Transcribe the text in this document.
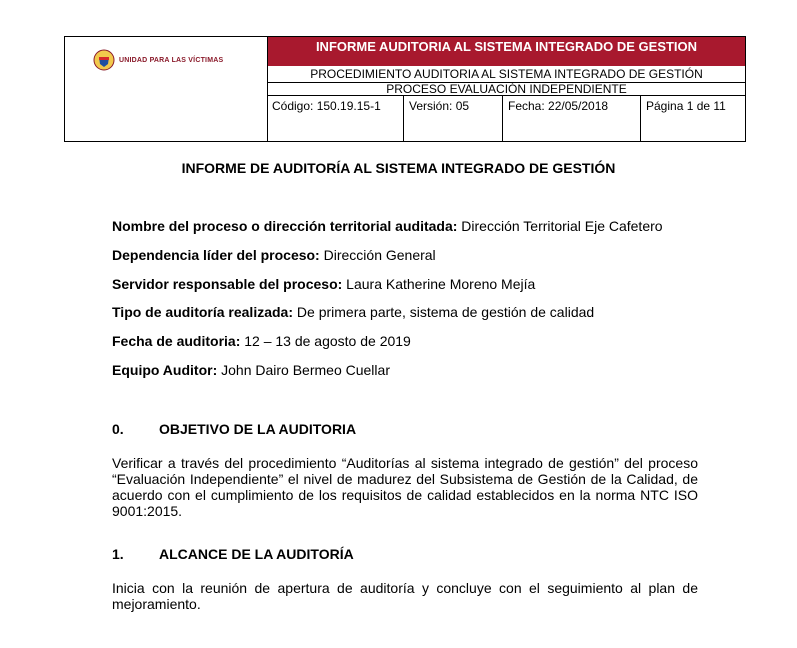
UNIDAD PARA LAS VÍCTIMAS
INFORME AUDITORIA AL SISTEMA INTEGRADO DE GESTION
PROCEDIMIENTO AUDITORIA AL SISTEMA INTEGRADO DE GESTIÓN
PROCESO EVALUACIÓN INDEPENDIENTE
Código: 150.19.15-1	Versión: 05	Fecha: 22/05/2018	Página 1 de 11
INFORME DE AUDITORÍA AL SISTEMA INTEGRADO DE GESTIÓN
Nombre del proceso o dirección territorial auditada: Dirección Territorial Eje Cafetero
Dependencia líder del proceso: Dirección General
Servidor responsable del proceso: Laura Katherine Moreno Mejía
Tipo de auditoría realizada: De primera parte, sistema de gestión de calidad
Fecha de auditoria: 12 – 13 de agosto de 2019
Equipo Auditor: John Dairo Bermeo Cuellar
0.	OBJETIVO DE LA AUDITORIA
Verificar a través del procedimiento “Auditorías al sistema integrado de gestión” del proceso “Evaluación Independiente” el nivel de madurez del Subsistema de Gestión de la Calidad, de acuerdo con el cumplimiento de los requisitos de calidad establecidos en la norma NTC ISO 9001:2015.
1.	ALCANCE DE LA AUDITORÍA
Inicia con la reunión de apertura de auditoría y concluye con el seguimiento al plan de mejoramiento.
